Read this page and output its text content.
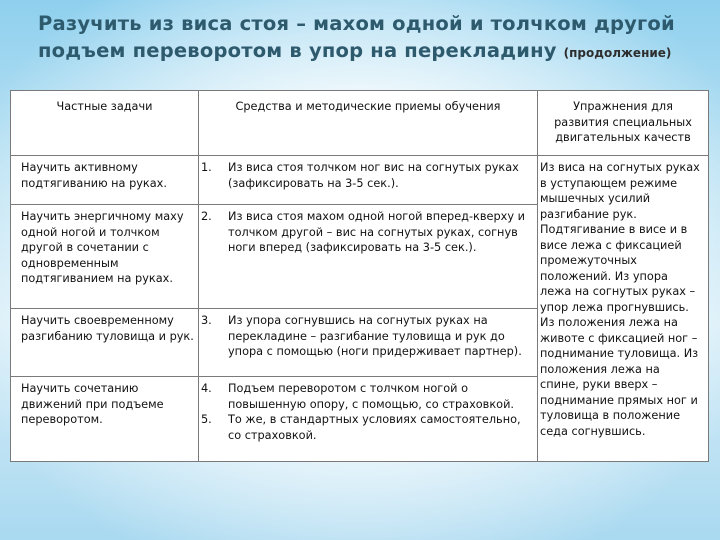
Разучить из виса стоя – махом одной и толчком другой
подъем переворотом в упор на перекладину (продолжение)
Частные задачи	Средства и методические приемы обучения	Упражнения для развития специальных двигательных качеств

Научить активному подтягиванию на руках.	1. Из виса стоя толчком ног вис на согнутых руках (зафиксировать на 3-5 сек.).	Из виса на согнутых руках в уступающем режиме мышечных усилий разгибание рук. Подтягивание в висе и в висе лежа с фиксацией промежуточных положений. Из упора лежа на согнутых руках – упор лежа прогнувшись. Из положения лежа на животе с фиксацией ног – поднимание туловища. Из положения лежа на спине, руки вверх – поднимание прямых ног и туловища в положение седа согнувшись.
Научить энергичному маху одной ногой и толчком другой в сочетании с одновременным подтягиванием на руках.	2. Из виса стоя махом одной ногой вперед-кверху и толчком другой – вис на согнутых руках, согнув ноги вперед (зафиксировать на 3-5 сек.).	

Научить своевременному разгибанию туловища и рук.	3. Из упора согнувшись на согнутых руках на перекладине – разгибание туловища и рук до упора с помощью (ноги придерживает партнер).	

Научить сочетанию движений при подъеме переворотом.	4. Подъем переворотом с толчком ногой о повышенную опору, с помощью, со страховкой.
5. То же, в стандартных условиях самостоятельно, со страховкой.	
